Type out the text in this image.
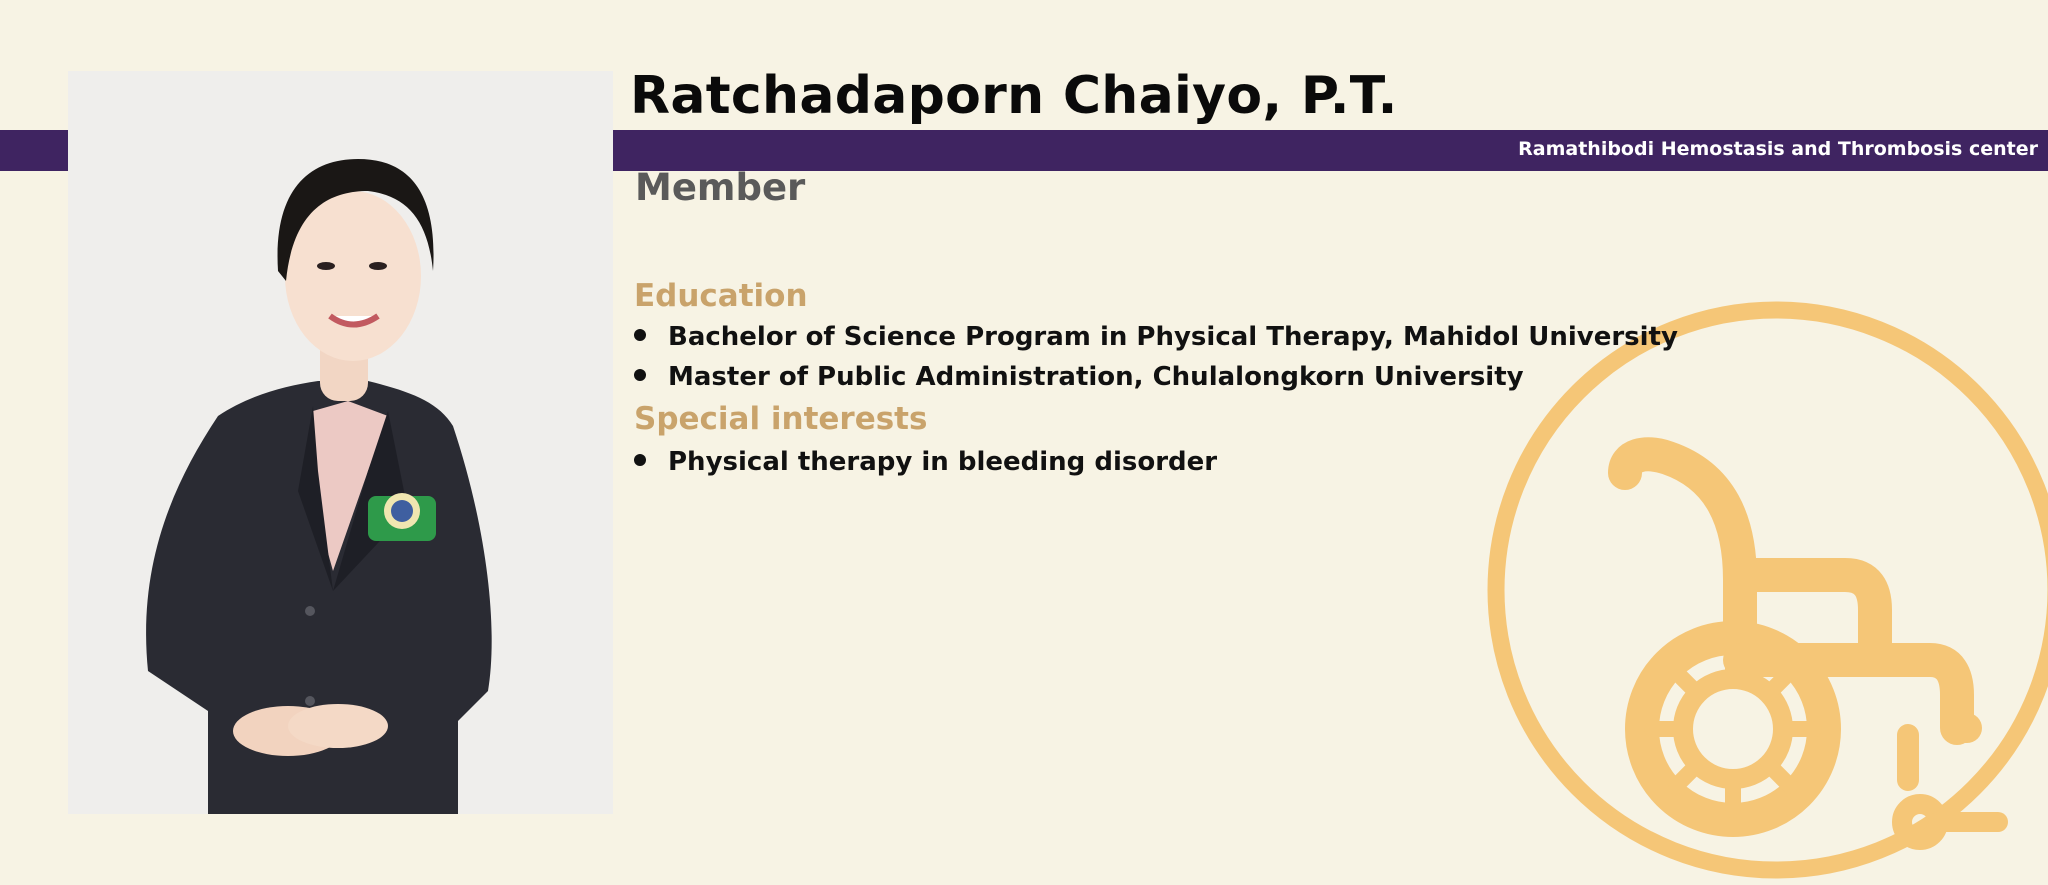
Ramathibodi Hemostasis and Thrombosis center
Ratchadaporn Chaiyo, P.T.
Member
Education
Bachelor of Science Program in Physical Therapy, Mahidol University
Master of Public Administration, Chulalongkorn University
Special interests
Physical therapy in bleeding disorder
